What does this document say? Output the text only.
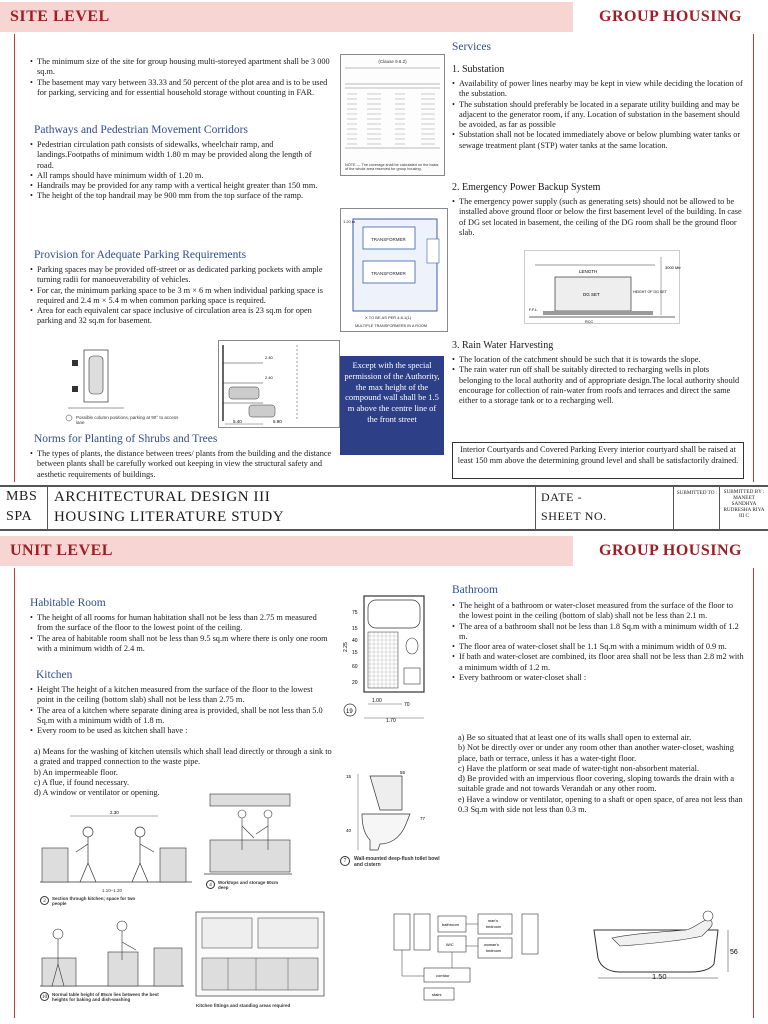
SITE LEVEL	GROUP HOUSING
• The minimum size of the site for group housing multi-storeyed apartment shall be 3 000 sq.m.
• The basement may vary between 33.33 and 50 percent of the plot area and is to be used for parking, servicing and for essential household storage without counting in FAR.
Pathways and Pedestrian Movement Corridors
• Pedestrian circulation path consists of sidewalks, wheelchair ramp, and landings.Footpaths of minimum width 1.80 m may be provided along the length of road.
• All ramps should have minimum width of 1.20 m.
• Handrails may be provided for any ramp with a vertical height greater than 150 mm.
• The height of the top handrail may be 900 mm from the top surface of the ramp.
Provision for Adequate Parking Requirements
• Parking spaces may be provided off-street or as dedicated parking pockets with ample turning radii for manoeuverability of vehicles.
• For car, the minimum parking space to be 3 m × 6 m when individual parking space is required and 2.4 m × 5.4 m when common parking space is required.
• Area for each equivalent car space inclusive of circulation area is 23 sq.m for open parking and 32 sq.m for basement.
Possible column positions, parking at 90° to access lane	5.40	5.90
2.40
2.40
Norms for Planting of Shrubs and Trees
• The types of plants, the distance between trees/ plants from the building and the distance between plants shall be carefully worked out keeping in view the structural safety and aesthetic requirements of buildings.
(Clause 9.6.2)
NOTE — The coverage shall be calculated on the basis of the whole area reserved for group housing.
TRANSFORMER
TRANSFORMER
1.20 m
X TO BE AS PER 4.8.1(1)
MULTIPLE TRANSFORMERS IN A ROOM
Except with the special permission of the Authority, the max height of the compound wall shall be 1.5 m above the centre line of the front street
Services
1. Substation
• Availability of power lines nearby may be kept in view while deciding the location of the substation.
• The substation should preferably be located in a separate utility building and may be adjacent to the generator room, if any. Location of substation in the basement should be avoided, as far as possible
• Substation shall not be located immediately above or below plumbing water tanks or sewage treatment plant (STP) water tanks at the same location.
2. Emergency Power Backup System
• The emergency power supply (such as generating sets) should not be allowed to be installed above ground floor or below the first basement level of the building. In case of DG set located in basement, the ceiling of the DG room shall be the ground floor slab.
LENGTH
3000 Min
DG SET	HEIGHT OF DG SET
F.F.L.
RCC
3. Rain Water Harvesting
• The location of the catchment should be such that it is towards the slope.
• The rain water run off shall be suitably directed to recharging wells in plots belonging to the local authority and of appropriate design.The local authority should encourage for collection of rain-water from roofs and terraces and direct the same either to a storage tank or to a recharging well.
Interior Courtyards and Covered Parking Every interior courtyard shall be raised at least 150 mm above the determining ground level and shall be satisfactorily drained.
MBS
SPA
ARCHITECTURAL DESIGN III
HOUSING LITERATURE STUDY
DATE -
SHEET NO.
SUBMITTED TO :	SUBMITTED BY : MANEET SANDHYA RUDRESHA RIYA III C
UNIT LEVEL	GROUP HOUSING
Habitable Room
• The height of all rooms for human habitation shall not be less than 2.75 m measured from the surface of the floor to the lowest point of the ceiling.
• The area of habitable room shall not be less than 9.5 sq.m where there is only one room with a minimum width of 2.4 m.
Kitchen
• Height The height of a kitchen measured from the surface of the floor to the lowest point in the ceiling (bottom slab) shall not be less than 2.75 m.
• The area of a kitchen where separate dining area is provided, shall be not less than 5.0 Sq.m with a minimum width of 1.8 m.
• Every room to be used as kitchen shall have :
a) Means for the washing of kitchen utensils which shall lead directly or through a sink to a grated and trapped connection to the waste pipe.
b) An impermeable floor.
c) A flue, if found necessary.
d) A window or ventilator or opening.
2.30
1.10–1.20
2	Section through kitchen; space for two people
4	Worktops and storage 60cm deep
10	Normal table height of 85cm lies between the best heights for baking and dish-washing
Kitchen fittings and standing areas required
75
15
40
15
60
20
2.25
1.00
70
1.70
19
15
55
77
40
7	Wall-mounted deep-flush toilet bowl and cistern
bathroom
man's
bedroom
W/C	woman's
bedroom
corridor
stairs
56
1.50
Bathroom
• The height of a bathroom or water-closet measured from the surface of the floor to the lowest point in the ceiling (bottom of slab) shall not be less than 2.1 m.
• The area of a bathroom shall not be less than 1.8 Sq.m with a minimum width of 1.2 m.
• The floor area of water-closet shall be 1.1 Sq.m with a minimum width of 0.9 m.
• If bath and water-closet are combined, its floor area shall not be less than 2.8 m2 with a minimum width of 1.2 m.
• Every bathroom or water-closet shall :
a) Be so situated that at least one of its walls shall open to external air.
b) Not be directly over or under any room other than another water-closet, washing place, bath or terrace, unless it has a water-tight floor.
c) Have the platform or seat made of water-tight non-absorbent material.
d) Be provided with an impervious floor covering, sloping towards the drain with a suitable grade and not towards Verandah or any other room.
e) Have a window or ventilator, opening to a shaft or open space, of area not less than 0.3 Sq.m with side not less than 0.3 m.
